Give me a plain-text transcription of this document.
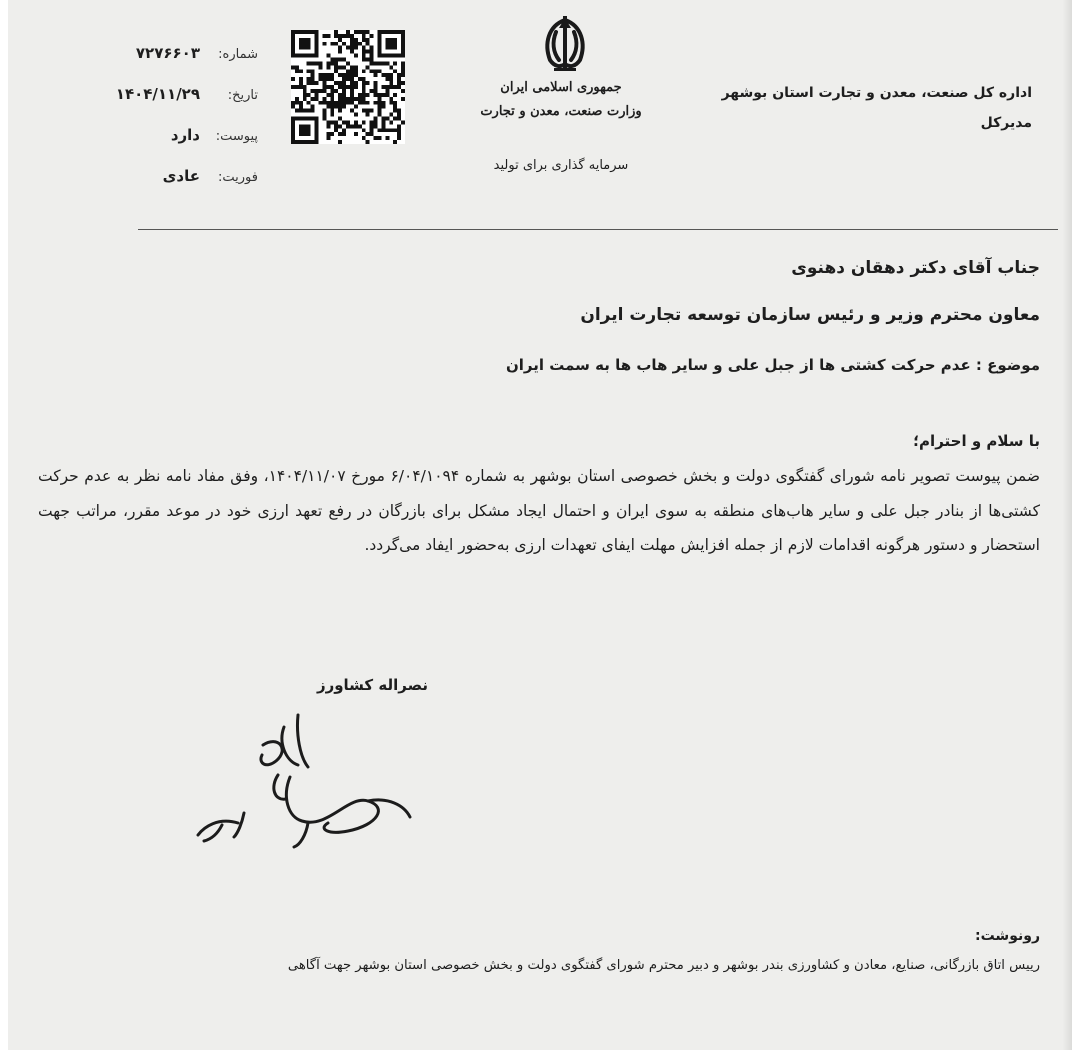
اداره کل صنعت، معدن و تجارت استان بوشهر
مدیرکل
جمهوری اسلامی ایران
وزارت صنعت، معدن و تجارت
سرمایه گذاری برای تولید
شماره:
۷۲۷۶۶۰۳
تاریخ:
۱۴۰۴/۱۱/۲۹
پیوست:
دارد
فوریت:
عادی
جناب آقای دکتر دهقان دهنوی
معاون محترم وزیر و رئیس سازمان توسعه تجارت ایران
موضوع : عدم حرکت کشتی ها از جبل علی و سایر هاب ها به سمت ایران
با سلام و احترام؛
ضمن پیوست تصویر نامه شورای گفتگوی دولت و بخش خصوصی استان بوشهر به شماره ۶/۰۴/۱۰۹۴ مورخ ۱۴۰۴/۱۱/۰۷، وفق مفاد نامه نظر به عدم حرکت کشتی‌ها از بنادر جبل علی و سایر هاب‌های منطقه به سوی ایران و احتمال ایجاد مشکل برای بازرگان در رفع تعهد ارزی خود در موعد مقرر، مراتب جهت استحضار و دستور هرگونه اقدامات لازم از جمله افزایش مهلت ایفای تعهدات ارزی به‌حضور ایفاد می‌گردد.
نصراله کشاورز
رونوشت:
رییس اتاق بازرگانی، صنایع، معادن و کشاورزی بندر بوشهر و دبیر محترم شورای گفتگوی دولت و بخش خصوصی استان بوشهر جهت آگاهی
